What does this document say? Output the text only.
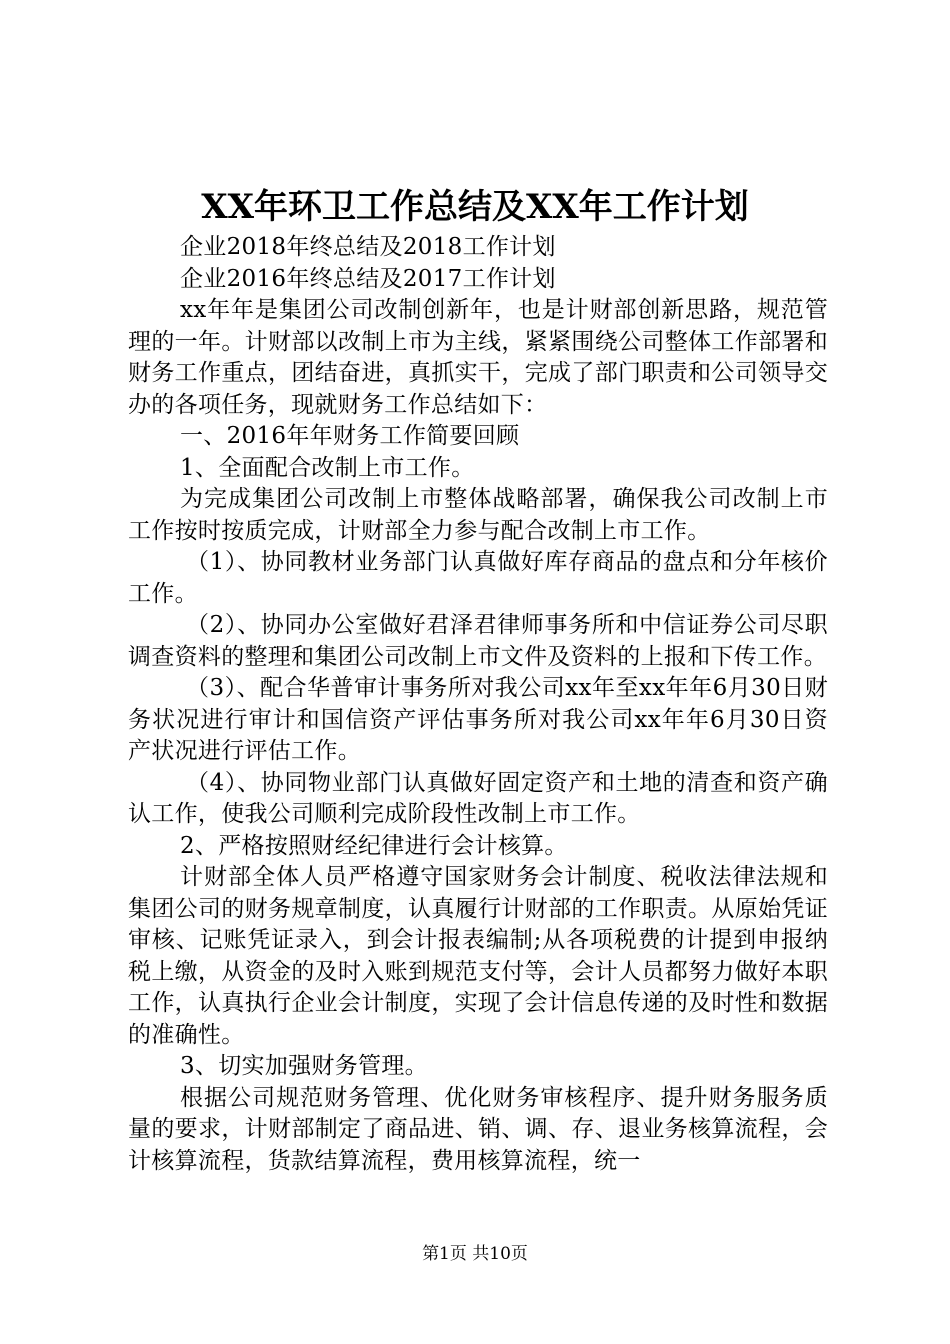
XX年环卫工作总结及XX年工作计划

企业2018年终总结及2018工作计划

企业2016年终总结及2017工作计划

xx年年是集团公司改制创新年，也是计财部创新思路，规范管理的一年。计财部以改制上市为主线，紧紧围绕公司整体工作部署和财务工作重点，团结奋进，真抓实干，完成了部门职责和公司领导交办的各项任务，现就财务工作总结如下：

一、2016年年财务工作简要回顾

1、全面配合改制上市工作。

为完成集团公司改制上市整体战略部署，确保我公司改制上市工作按时按质完成，计财部全力参与配合改制上市工作。

（1）、协同教材业务部门认真做好库存商品的盘点和分年核价工作。

（2）、协同办公室做好君泽君律师事务所和中信证券公司尽职调查资料的整理和集团公司改制上市文件及资料的上报和下传工作。

（3）、配合华普审计事务所对我公司xx年至xx年年6月30日财务状况进行审计和国信资产评估事务所对我公司xx年年6月30日资产状况进行评估工作。

（4）、协同物业部门认真做好固定资产和土地的清查和资产确认工作，使我公司顺利完成阶段性改制上市工作。

2、严格按照财经纪律进行会计核算。

计财部全体人员严格遵守国家财务会计制度、税收法律法规和集团公司的财务规章制度，认真履行计财部的工作职责。从原始凭证审核、记账凭证录入，到会计报表编制;从各项税费的计提到申报纳税上缴，从资金的及时入账到规范支付等，会计人员都努力做好本职工作，认真执行企业会计制度，实现了会计信息传递的及时性和数据的准确性。

3、切实加强财务管理。

根据公司规范财务管理、优化财务审核程序、提升财务服务质量的要求，计财部制定了商品进、销、调、存、退业务核算流程，会计核算流程，货款结算流程，费用核算流程，统一

第1页 共10页
